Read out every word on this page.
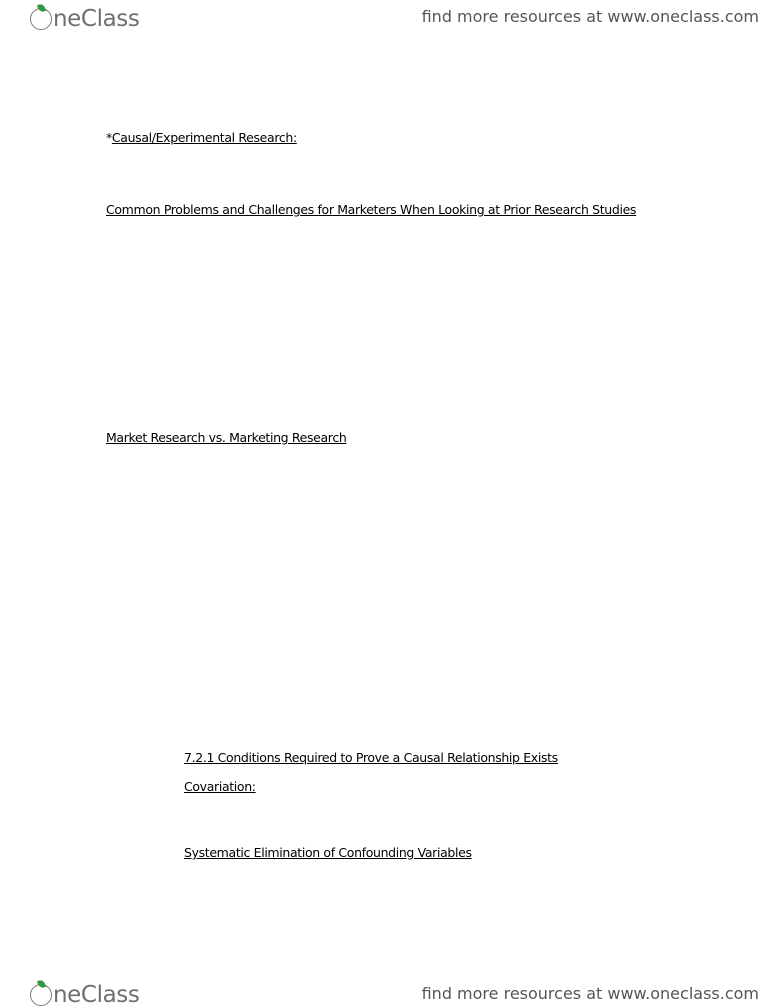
neClass	find more resources at www.oneclass.com
*Causal/Experimental Research:
Common Problems and Challenges for Marketers When Looking at Prior Research Studies
Market Research vs. Marketing Research
7.2.1 Conditions Required to Prove a Causal Relationship Exists
Covariation:
Systematic Elimination of Confounding Variables
neClass	find more resources at www.oneclass.com
